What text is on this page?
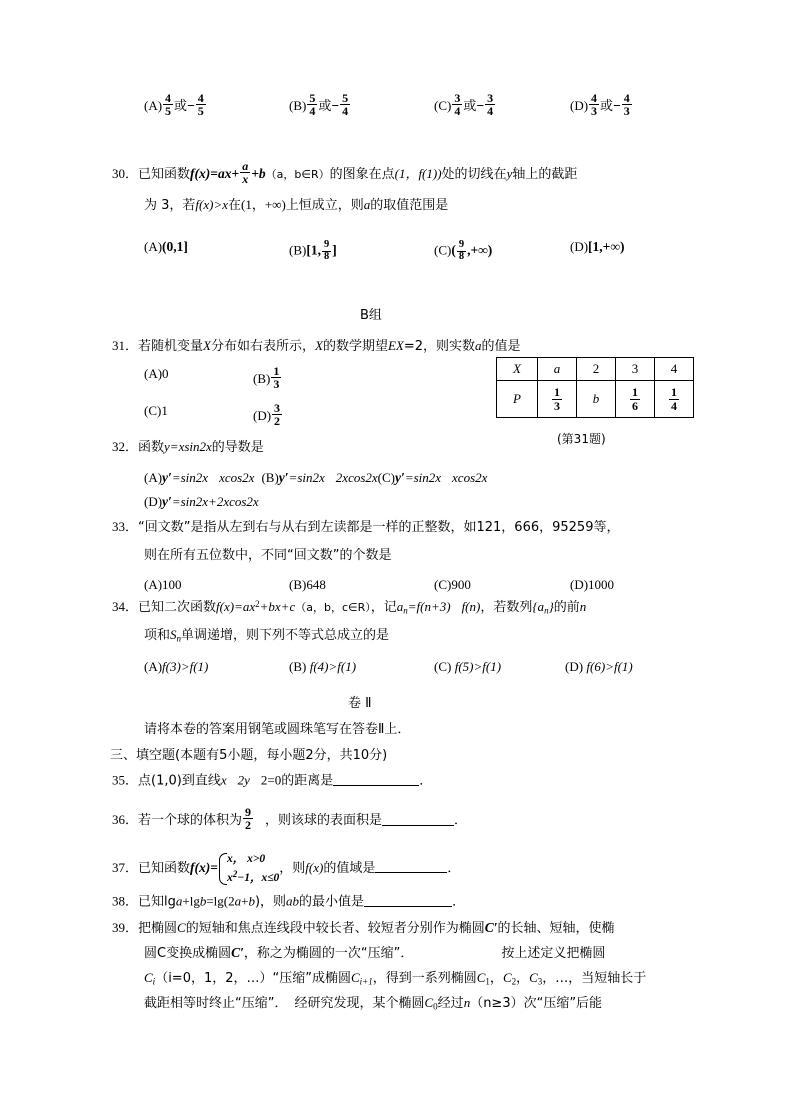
$(A) \frac{4}{5}$ 或− $\frac{4}{5}$	$(B) \frac{5}{4}$ 或− $\frac{5}{4}$	$(C) \frac{3}{4}$ 或− $\frac{3}{4}$	$(D) \frac{4}{3}$ 或− $\frac{4}{3}$
30．已知函数$f(x)=ax+ \frac{a}{x} +b(a$，b∈R）的图象在点(1，f(1))处的切线在y轴上的截距
为 3，若f(x)>x在(1，+∞)上恒成立，则a的取值范围是
(A)(0,1]	(B)[1, $\frac{9}{8}$ ]	$(C)( \frac{9}{8}$ ,+∞)	(D)[1,+∞)
B组
31．若随机变量X分布如右表所示，X的数学期望EX=2，则实数a的值是
(A)0	$(B) \frac{1}{3}$
(C)1	$(D) \frac{3}{2}$
X	a	2	3	4
P	$\frac{1}{3}$	b	$\frac{1}{6}$	$\frac{1}{4}$
(第31题)
32．函数y=xsin2x的导数是
(A)y′=sin2x xcos2x (B)y′=sin2x 2xcos2x(C)y′=sin2x xcos2x
(D)y′=sin2x+2xcos2x
33．“回文数”是指从左到右与从右到左读都是一样的正整数，如121，666，95259等，
则在所有五位数中，不同“回文数”的个数是
(A)100	(B)648	(C)900	(D)1000
34．已知二次函数$f(x)=ax^2+bx+c(a$，b，c∈R），记$a_n=f(n+3)$ f(n)，若数列$\{a_n\}$的前n
项和$S_n$单调递增，则下列不等式总成立的是
(A)f(3)>f(1)	(B) f(4)>f(1)	(C) f(5)>f(1)	(D) f(6)>f(1)
卷 Ⅱ
请将本卷的答案用钢笔或圆珠笔写在答卷Ⅱ上．
三、填空题(本题有5小题，每小题2分，共10分)
35．点(1,0)到直线x 2y 2=0的距离是	．
36．若一个球的体积为 $\frac{9}{2}$ ，则该球的表面积是	．
37．已知函数f(x)=
x， x>0
$x^2-1$，x≤0
，则f(x)的值域是	．
38．已知lga+lgb=lg(2a+b)，则ab的最小值是	．
39．把椭圆C的短轴和焦点连线段中较长者、较短者分别作为椭圆C′的长轴、短轴，使椭
圆C变换成椭圆C′，称之为椭圆的一次“压缩”．	按上述定义把椭圆
$C_i(i=0$，1，2，…）“压缩”成椭圆$C_{i+1}$，得到一系列椭圆$C_1$，$C_2$，$C_3$，…，当短轴长于
截距相等时终止“压缩”． 经研究发现，某个椭圆$C_0$经过n（n≥3）次“压缩”后能
